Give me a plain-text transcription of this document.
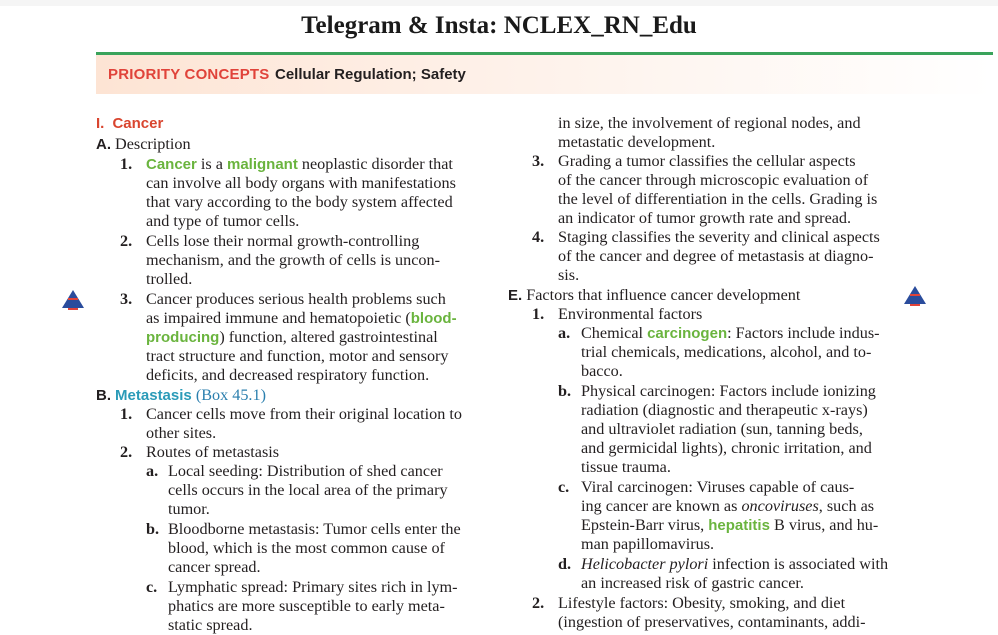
Telegram & Insta: NCLEX_RN_Edu
PRIORITY CONCEPTS Cellular Regulation; Safety
I. Cancer
A. Description
1. Cancer is a malignant neoplastic disorder that
can involve all body organs with manifestations
that vary according to the body system affected
and type of tumor cells.
2. Cells lose their normal growth-controlling
mechanism, and the growth of cells is uncon-
trolled.
3. Cancer produces serious health problems such
as impaired immune and hematopoietic (blood-
producing) function, altered gastrointestinal
tract structure and function, motor and sensory
deficits, and decreased respiratory function.
B. Metastasis (Box 45.1)
1. Cancer cells move from their original location to
other sites.
2. Routes of metastasis
a. Local seeding: Distribution of shed cancer
cells occurs in the local area of the primary
tumor.
b. Bloodborne metastasis: Tumor cells enter the
blood, which is the most common cause of
cancer spread.
c. Lymphatic spread: Primary sites rich in lym-
phatics are more susceptible to early meta-
static spread.
in size, the involvement of regional nodes, and
metastatic development.
3. Grading a tumor classifies the cellular aspects
of the cancer through microscopic evaluation of
the level of differentiation in the cells. Grading is
an indicator of tumor growth rate and spread.
4. Staging classifies the severity and clinical aspects
of the cancer and degree of metastasis at diagno-
sis.
E. Factors that influence cancer development
1. Environmental factors
a. Chemical carcinogen: Factors include indus-
trial chemicals, medications, alcohol, and to-
bacco.
b. Physical carcinogen: Factors include ionizing
radiation (diagnostic and therapeutic x-rays)
and ultraviolet radiation (sun, tanning beds,
and germicidal lights), chronic irritation, and
tissue trauma.
c. Viral carcinogen: Viruses capable of caus-
ing cancer are known as oncoviruses, such as
Epstein-Barr virus, hepatitis B virus, and hu-
man papillomavirus.
d. Helicobacter pylori infection is associated with
an increased risk of gastric cancer.
2. Lifestyle factors: Obesity, smoking, and diet
(ingestion of preservatives, contaminants, addi-
